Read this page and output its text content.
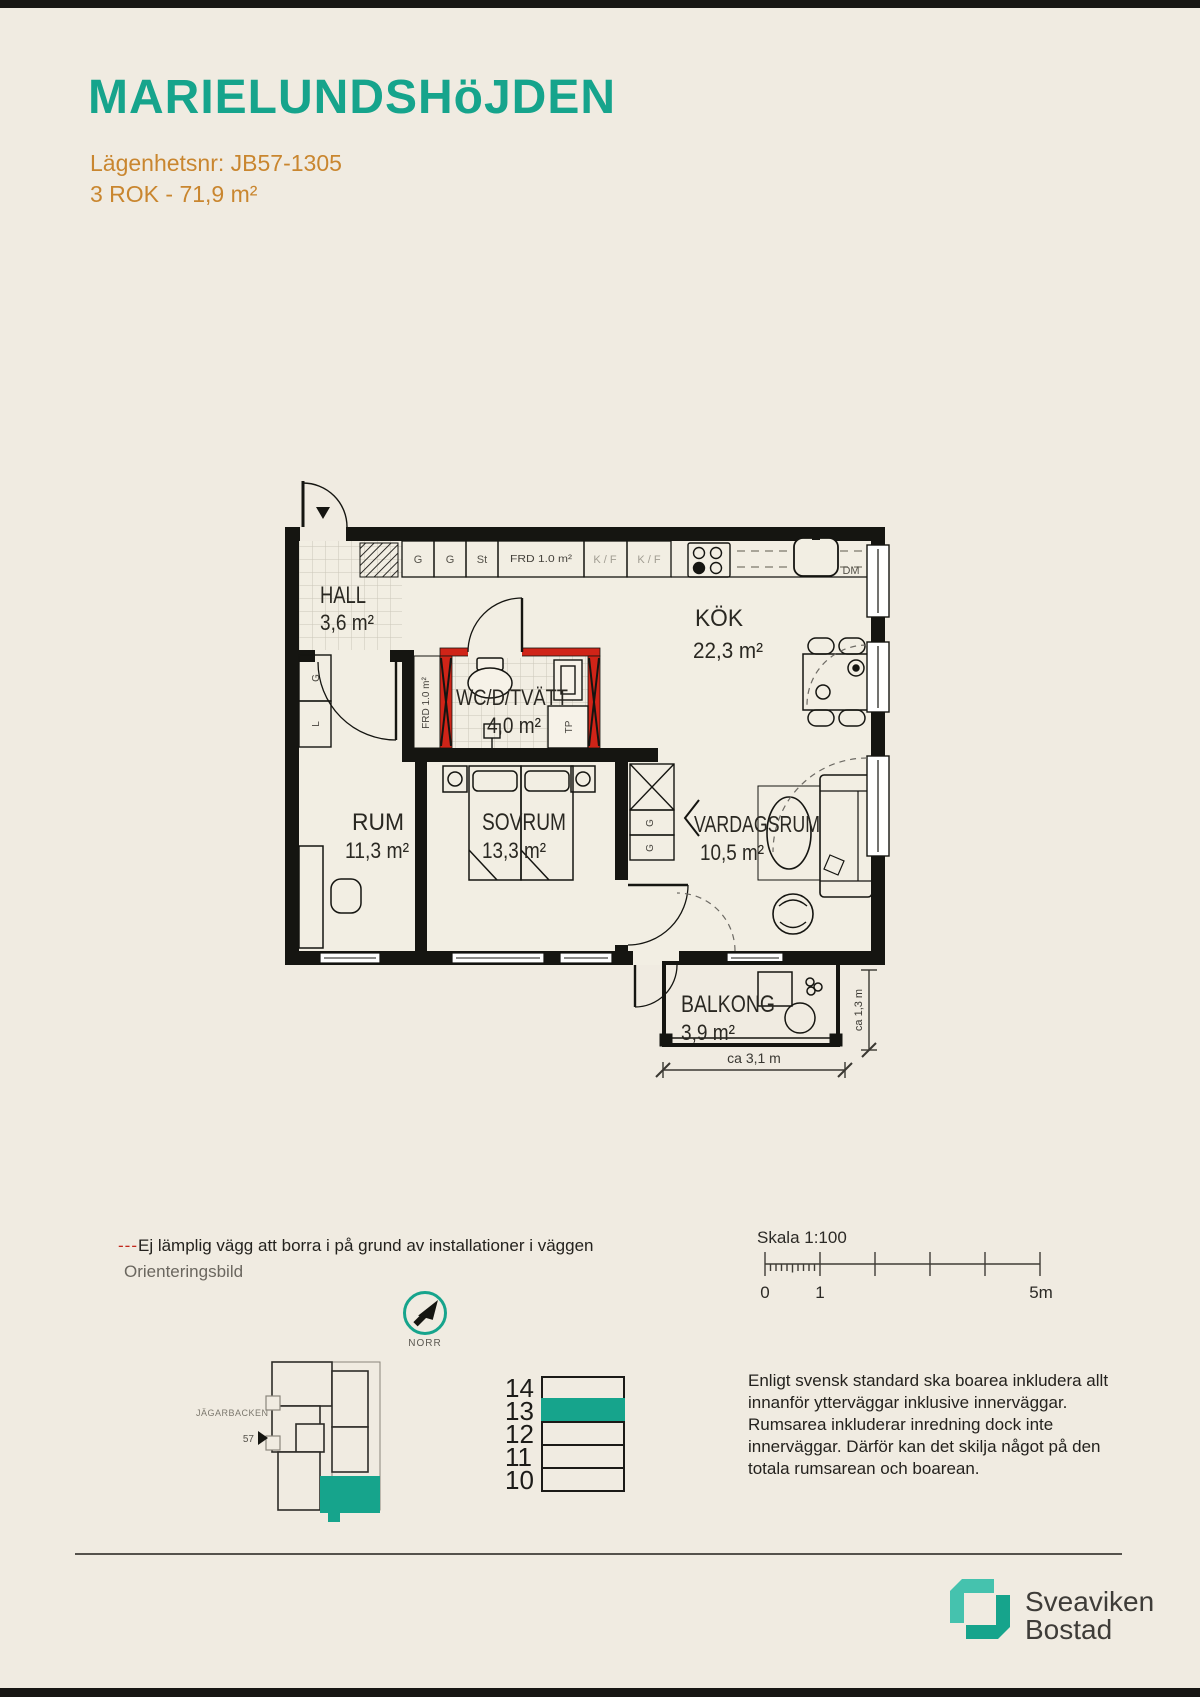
MARIELUNDSHöJDEN
Lägenhetsnr: JB57-1305
3 ROK - 71,9 m²
G G St FRD 1.0 m² K / F K / F
DM
G
L	FRD 1.0 m²	TP
G
G
ca 3,1 m
ca 1,3 m
HALL
3,6 m²	KÖK
22,3 m²
WC/D/TVÄTT
4,0 m²
RUM
11,3 m²
SOVRUM
13,3 m²
VARDAGSRUM
10,5 m²
BALKONG
3,9 m²
---Ej lämplig vägg att borra i på grund av installationer i väggen
Orienteringsbild
NORR
JÄGARBACKEN
57
14
13
12
11
10
Skala 1:100
0	1	5m
Enligt svensk standard ska boarea inkludera allt
innanför ytterväggar inklusive innerväggar.
Rumsarea inkluderar inredning dock inte
innerväggar. Därför kan det skilja något på den
totala rumsarean och boarean.
Sveaviken
Bostad
